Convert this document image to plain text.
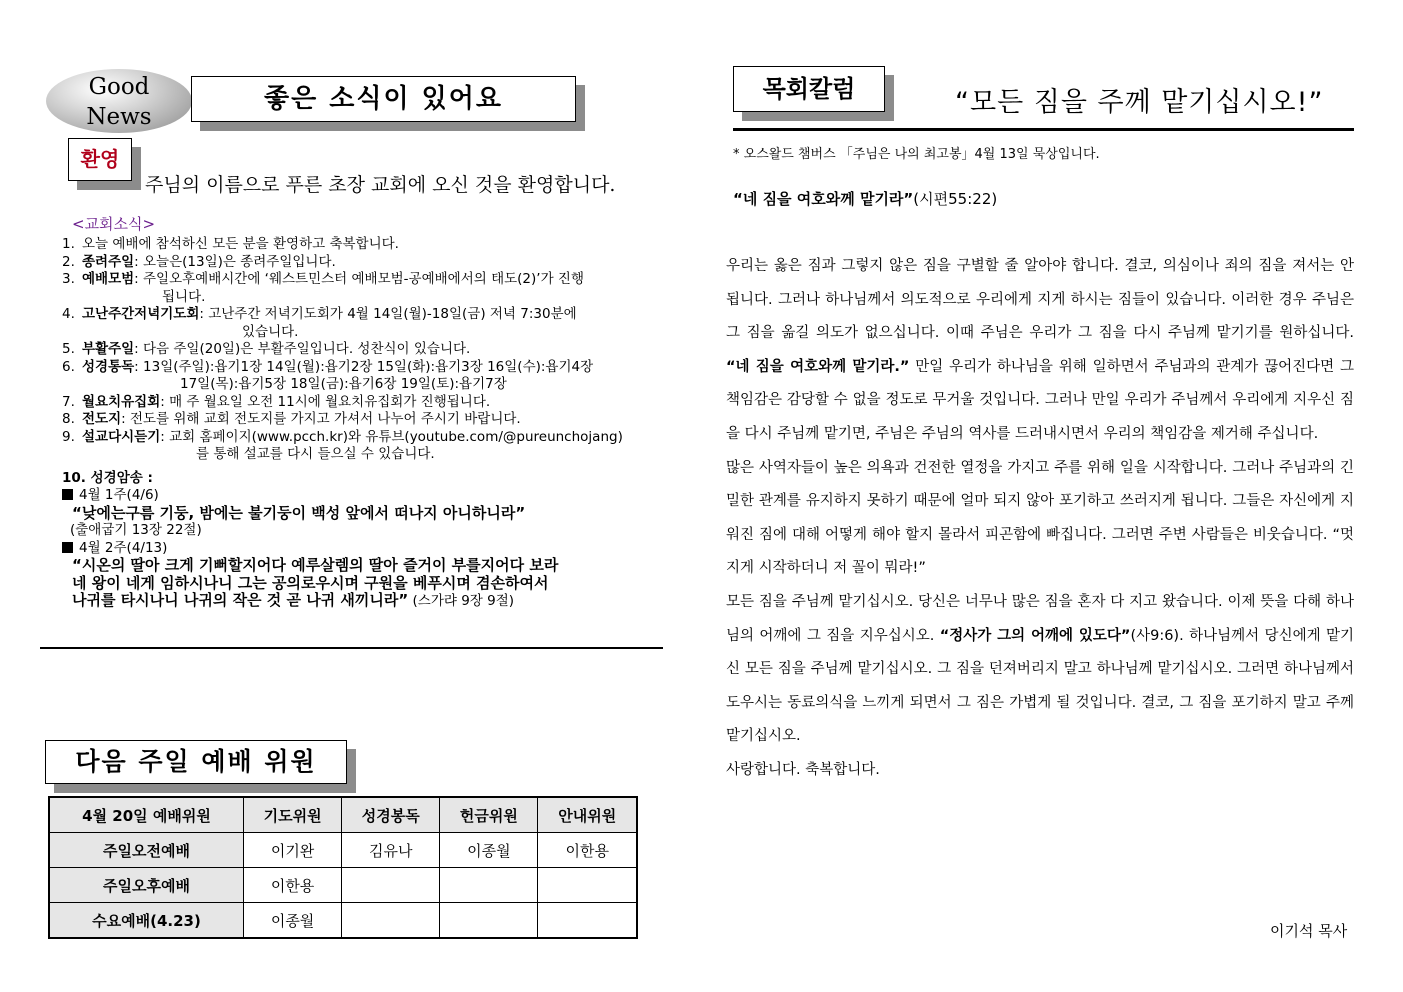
Good
News
좋은 소식이 있어요
환영
주님의 이름으로 푸른 초장 교회에 오신 것을 환영합니다.
<교회소식>
1. 오늘 예배에 참석하신 모든 분을 환영하고 축복합니다.
2. 종려주일 : 오늘은(13일)은 종려주일입니다.
3. 예배모범 : 주일오후예배시간에 ‘웨스트민스터 예배모범-공예배에서의 태도(2)’가 진행
됩니다.
4. 고난주간저녁기도회 : 고난주간 저녁기도회가 4월 14일(월)-18일(금) 저녁 7:30분에
있습니다.
5. 부활주일 : 다음 주일(20일)은 부활주일입니다. 성찬식이 있습니다.
6. 성경통독 : 13일(주일):욥기1장 14일(월):욥기2장 15일(화):욥기3장 16일(수):욥기4장
17일(목):욥기5장 18일(금):욥기6장 19일(토):욥기7장
7. 월요치유집회 : 매 주 월요일 오전 11시에 월요치유집회가 진행됩니다.
8. 전도지 : 전도를 위해 교회 전도지를 가지고 가셔서 나누어 주시기 바랍니다.
9. 설교다시듣기 : 교회 홈페이지(www.pcch.kr)와 유튜브(youtube.com/@pureunchojang)
를 통해 설교를 다시 들으실 수 있습니다.
10. 성경암송 :
4월 1주(4/6)
“낮에는구름 기둥, 밤에는 불기둥이 백성 앞에서 떠나지 아니하니라”
(출애굽기 13장 22절)
4월 2주(4/13)
“시온의 딸아 크게 기뻐할지어다 예루살렘의 딸아 즐거이 부를지어다 보라
네 왕이 네게 임하시나니 그는 공의로우시며 구원을 베푸시며 겸손하여서
나귀를 타시나니 나귀의 작은 것 곧 나귀 새끼니라” (스가랴 9장 9절)
다음 주일 예배 위원
4월 20일 예배위원	기도위원	성경봉독	헌금위원	안내위원
주일오전예배	이기완	김유나	이종월	이한용
주일오후예배	이한용			
수요예배(4.23)	이종월			
목회칼럼	“모든 짐을 주께 맡기십시오!”
* 오스왈드 챔버스 「주님은 나의 최고봉」4월 13일 묵상입니다.
“네 짐을 여호와께 맡기라”(시편55:22)

우리는 옳은 짐과 그렇지 않은 짐을 구별할 줄 알아야 합니다. 결코, 의심이나 죄의 짐을 져서는 안 됩니다. 그러나 하나님께서 의도적으로 우리에게 지게 하시는 짐들이 있습니다. 이러한 경우 주님은 그 짐을 옮길 의도가 없으십니다. 이때 주님은 우리가 그 짐을 다시 주님께 맡기기를 원하십니다. “네 짐을 여호와께 맡기라.” 만일 우리가 하나님을 위해 일하면서 주님과의 관계가 끊어진다면 그 책임감은 감당할 수 없을 정도로 무거울 것입니다. 그러나 만일 우리가 주님께서 우리에게 지우신 짐을 다시 주님께 맡기면, 주님은 주님의 역사를 드러내시면서 우리의 책임감을 제거해 주십니다.

많은 사역자들이 높은 의욕과 건전한 열정을 가지고 주를 위해 일을 시작합니다. 그러나 주님과의 긴밀한 관계를 유지하지 못하기 때문에 얼마 되지 않아 포기하고 쓰러지게 됩니다. 그들은 자신에게 지워진 짐에 대해 어떻게 해야 할지 몰라서 피곤함에 빠집니다. 그러면 주변 사람들은 비웃습니다. “멋지게 시작하더니 저 꼴이 뭐라!”

모든 짐을 주님께 맡기십시오. 당신은 너무나 많은 짐을 혼자 다 지고 왔습니다. 이제 뜻을 다해 하나님의 어깨에 그 짐을 지우십시오. “정사가 그의 어깨에 있도다”(사9:6). 하나님께서 당신에게 맡기신 모든 짐을 주님께 맡기십시오. 그 짐을 던져버리지 말고 하나님께 맡기십시오. 그러면 하나님께서 도우시는 동료의식을 느끼게 되면서 그 짐은 가볍게 될 것입니다. 결코, 그 짐을 포기하지 말고 주께 맡기십시오.

사랑합니다. 축복합니다.

이기석 목사
